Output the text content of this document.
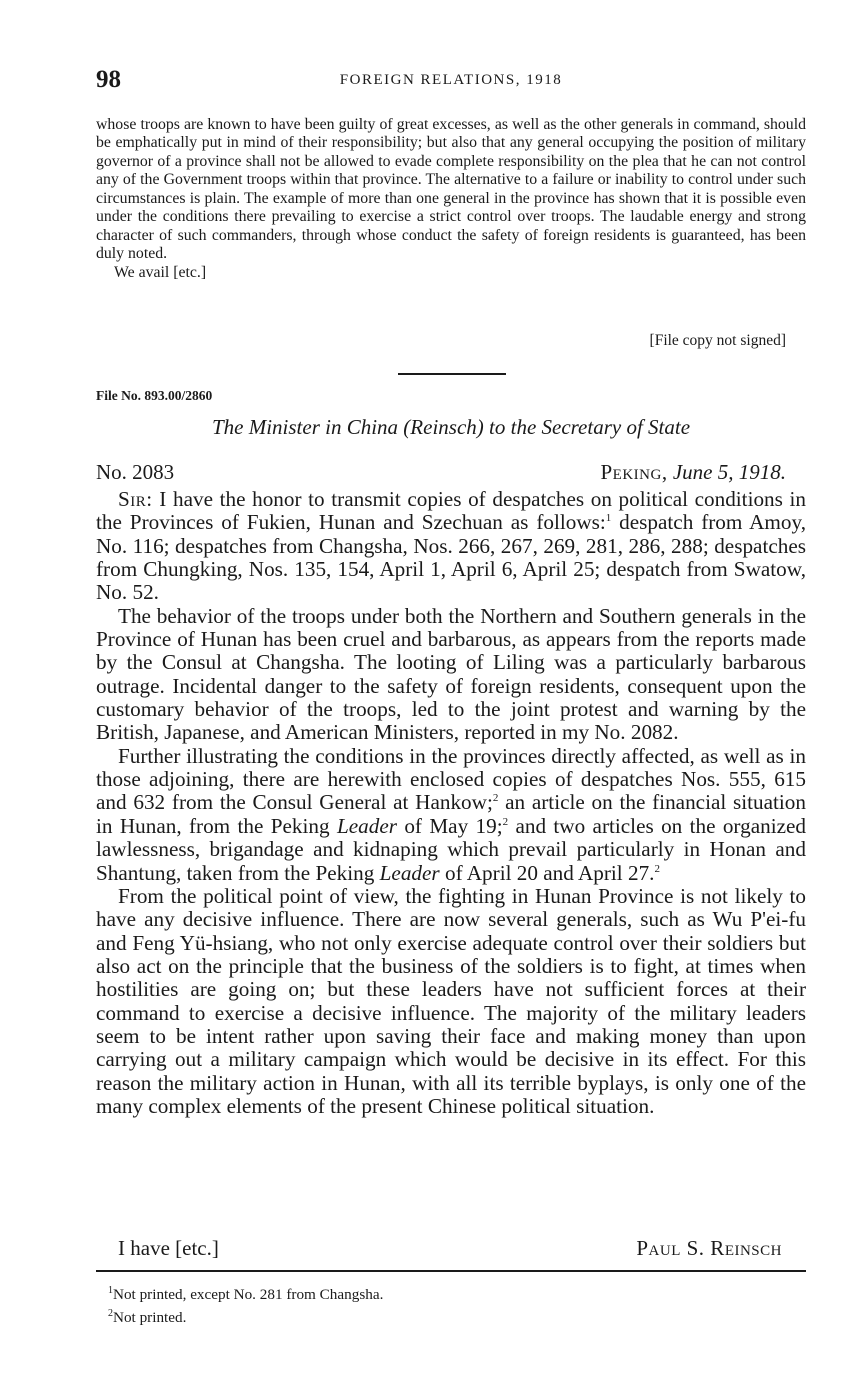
98	FOREIGN RELATIONS, 1918

whose troops are known to have been guilty of great excesses, as well as the other generals in command, should be emphatically put in mind of their responsibility; but also that any general occupying the position of military governor of a province shall not be allowed to evade complete responsibility on the plea that he can not control any of the Government troops within that province. The alternative to a failure or inability to control under such circumstances is plain. The example of more than one general in the province has shown that it is possible even under the conditions there prevailing to exercise a strict control over troops. The laudable energy and strong character of such commanders, through whose conduct the safety of foreign residents is guaranteed, has been duly noted.

We avail [etc.]

[File copy not signed]
File No. 893.00/2860
The Minister in China (Reinsch) to the Secretary of State
No. 2083	Peking, June 5, 1918.

Sir: I have the honor to transmit copies of despatches on political conditions in the Provinces of Fukien, Hunan and Szechuan as follows:$^1$ despatch from Amoy, No. 116; despatches from Changsha, Nos. 266, 267, 269, 281, 286, 288; despatches from Chungking, Nos. 135, 154, April 1, April 6, April 25; despatch from Swatow, No. 52.

The behavior of the troops under both the Northern and Southern generals in the Province of Hunan has been cruel and barbarous, as appears from the reports made by the Consul at Changsha. The looting of Liling was a particularly barbarous outrage. Incidental danger to the safety of foreign residents, consequent upon the customary behavior of the troops, led to the joint protest and warning by the British, Japanese, and American Ministers, reported in my No. 2082.

Further illustrating the conditions in the provinces directly affected, as well as in those adjoining, there are herewith enclosed copies of despatches Nos. 555, 615 and 632 from the Consul General at Hankow;$^2$ an article on the financial situation in Hunan, from the Peking Leader of May 19;$^2$ and two articles on the organized lawlessness, brigandage and kidnaping which prevail particularly in Honan and Shantung, taken from the Peking Leader of April 20 and April 27.$^2$

From the political point of view, the fighting in Hunan Province is not likely to have any decisive influence. There are now several generals, such as Wu P'ei-fu and Feng Yü-hsiang, who not only exercise adequate control over their soldiers but also act on the principle that the business of the soldiers is to fight, at times when hostilities are going on; but these leaders have not sufficient forces at their command to exercise a decisive influence. The majority of the military leaders seem to be intent rather upon saving their face and making money than upon carrying out a military campaign which would be decisive in its effect. For this reason the military action in Hunan, with all its terrible byplays, is only one of the many complex elements of the present Chinese political situation.

I have [etc.]	Paul S. Reinsch

$^1$Not printed, except No. 281 from Changsha.

$^2$Not printed.
